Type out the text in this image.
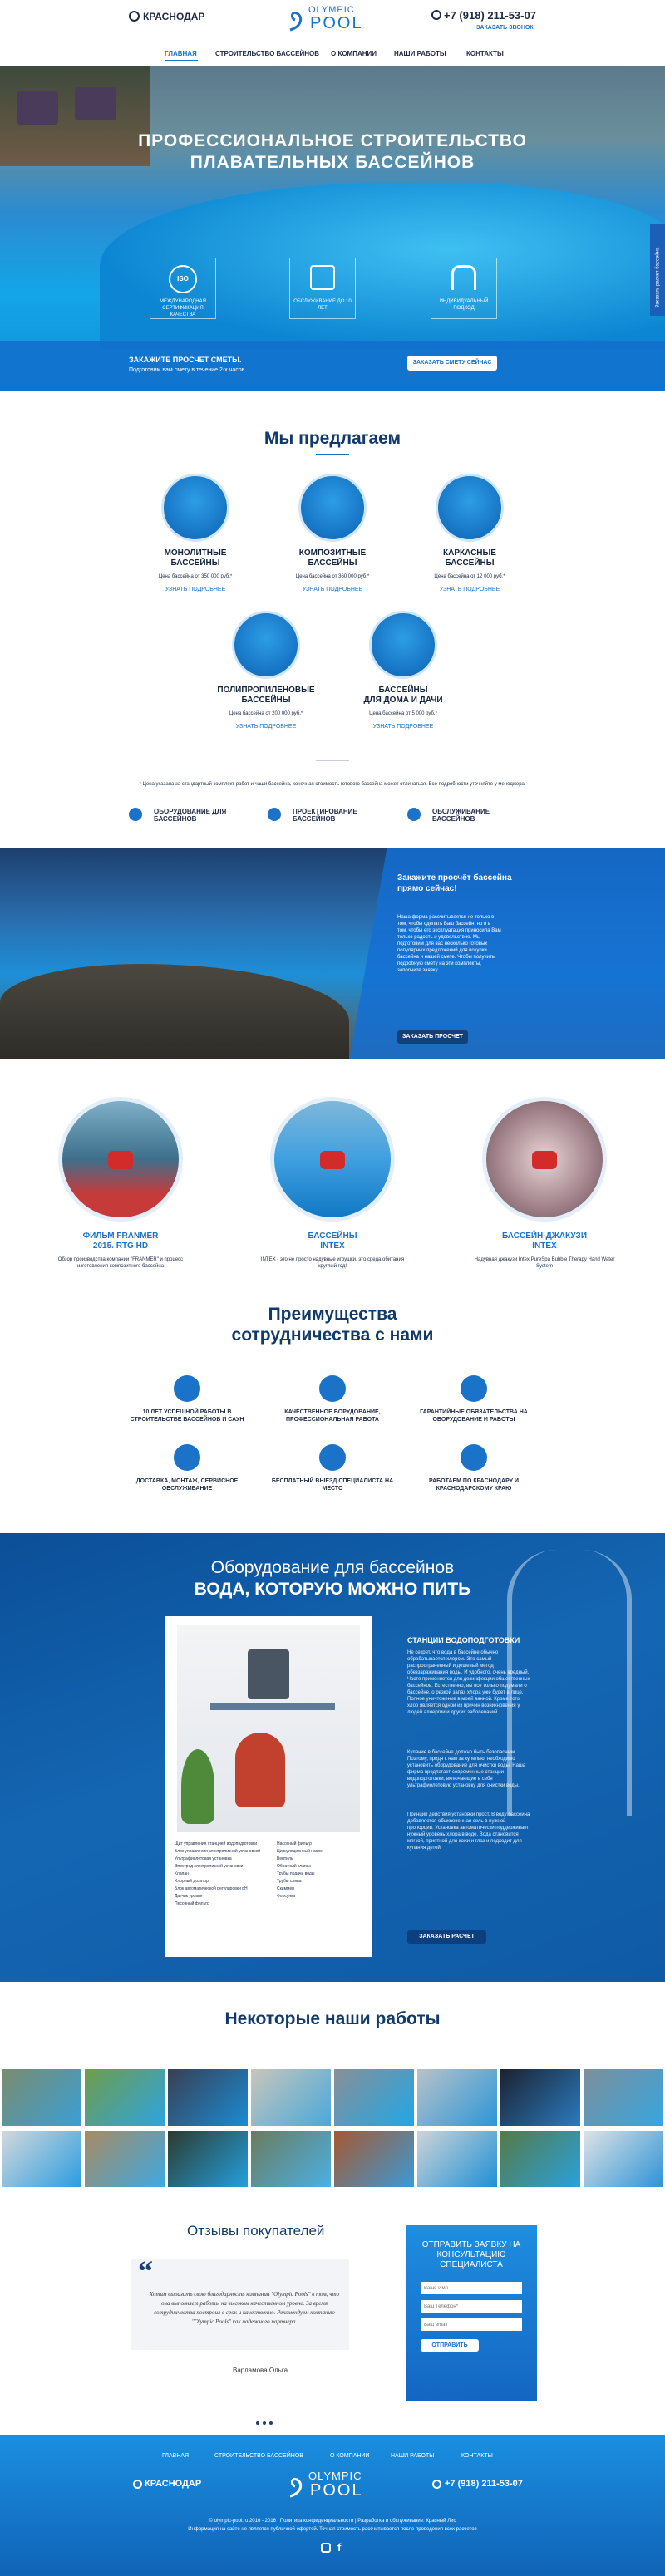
КРАСНОДАР
OLYMPIC
POOL	+7 (918) 211-53-07
ЗАКАЗАТЬ ЗВОНОК
ГЛАВНАЯ	СТРОИТЕЛЬСТВО БАССЕЙНОВ О КОМПАНИИ	НАШИ РАБОТЫ	КОНТАКТЫ
ПРОФЕССИОНАЛЬНОЕ СТРОИТЕЛЬСТВО
ПЛАВАТЕЛЬНЫХ БАССЕЙНОВ
ISO
МЕЖДУНАРОДНАЯ СЕРТИФИКАЦИЯ КАЧЕСТВА
ОБСЛУЖИВАНИЕ ДО 10 ЛЕТ
ИНДИВИДУАЛЬНЫЙ ПОДХОД
Заказать расчет бассейна
ЗАКАЖИТЕ ПРОСЧЕТ СМЕТЫ.
Подготовим вам смету в течение 2-х часов
ЗАКАЗАТЬ СМЕТУ СЕЙЧАС
Мы предлагаем
МОНОЛИТНЫЕ
БАССЕЙНЫ
Цена бассейна от 350 000 руб.*
УЗНАТЬ ПОДРОБНЕЕ
КОМПОЗИТНЫЕ
БАССЕЙНЫ
Цена бассейна от 360 000 руб.*
УЗНАТЬ ПОДРОБНЕЕ
КАРКАСНЫЕ
БАССЕЙНЫ
Цена бассейна от 12 000 руб.*
УЗНАТЬ ПОДРОБНЕЕ
ПОЛИПРОПИЛЕНОВЫЕ
БАССЕЙНЫ
Цена бассейна от 200 000 руб.*
УЗНАТЬ ПОДРОБНЕЕ
БАССЕЙНЫ
ДЛЯ ДОМА И ДАЧИ
Цена бассейна от 5 000 руб.*
УЗНАТЬ ПОДРОБНЕЕ
* Цена указана за стандартный комплект работ и чаши бассейна, конечная стоимость готового бассейна может отличаться. Все подробности уточняйте у менеджера.
ОБОРУДОВАНИЕ ДЛЯ БАССЕЙНОВ
ПРОЕКТИРОВАНИЕ БАССЕЙНОВ
ОБСЛУЖИВАНИЕ БАССЕЙНОВ
Закажите просчёт бассейна прямо сейчас!
Наша форма рассчитывается не только в том, чтобы сделать Ваш бассейн, но и в том, чтобы его эксплуатация приносила Вам только радость и удовольствие. Мы подготовим для вас несколько готовых популярных предложений для покупки бассейна и нашей смете. Чтобы получить подробную смету на эти комплекты, заполните заявку.
ЗАКАЗАТЬ ПРОСЧЕТ
ФИЛЬМ FRANMER
2015. RTG HD
Обзор производства компании "FRANMER" и процесс изготовления композитного бассейна
БАССЕЙНЫ
INTEX
INTEX - это не просто надувные игрушки, это среда обитания круглый год!
БАССЕЙН-ДЖАКУЗИ
INTEX
Надувная джакузи Intex PureSpa Bubble Therapy Hand Water System
Преимущества
сотрудничества с нами
10 ЛЕТ УСПЕШНОЙ РАБОТЫ В СТРОИТЕЛЬСТВЕ БАССЕЙНОВ И САУН
КАЧЕСТВЕННОЕ БОРУДОВАНИЕ, ПРОФЕССИОНАЛЬНАЯ РАБОТА
ГАРАНТИЙНЫЕ ОБЯЗАТЕЛЬСТВА НА ОБОРУДОВАНИЕ И РАБОТЫ
ДОСТАВКА, МОНТАЖ, СЕРВИСНОЕ ОБСЛУЖИВАНИЕ
БЕСПЛАТНЫЙ ВЫЕЗД СПЕЦИАЛИСТА НА МЕСТО
РАБОТАЕМ ПО КРАСНОДАРУ И КРАСНОДАРСКОМУ КРАЮ
Оборудование для бассейнов
ВОДА, КОТОРУЮ МОЖНО ПИТЬ
Щит управления станцией водоподготовки
Блок управления электролизной установкой
Ультрафиолетовая установка
Электрод электролизной установки
Клапан
Хлорный дозатор
Блок автоматической регулировки pH
Датчик уровня
Песочный фильтр
Насосный фильтр
Циркуляционный насос
Вентиль
Обратный клапан
Трубы подачи воды
Трубы слива
Скиммер
Форсунка
СТАНЦИИ ВОДОПОДГОТОВКИ
Не секрет, что вода в бассейне обычно обрабатывается хлором. Это самый распространенный и дешевый метод обеззараживания воды. И удобного, очень вредный. Часто применяется для дезинфекции общественных бассейнов. Естественно, вы все только подумали о бассейне, о резкой запах хлора уже будет в лице. Полное уничтожение в моей ванной. Кроме того, хлор является одной из причин возникновения у людей аллергии и других заболеваний.
Купание в бассейне должно быть безопасным. Поэтому, придя к нам за купелью, необходимо установить оборудование для очистки воды. Наша фирма предлагает современные станции водоподготовки, включающие в себя ультрафиолетовую установку для очистки воды.
Принцип действия установки прост. В воду бассейна добавляется обыкновенная соль в нужной пропорции. Установка автоматически поддерживает нужный уровень хлора в воде. Вода становится мягкой, приятной для кожи и глаз и подходит для купания детей.
ЗАКАЗАТЬ РАСЧЕТ
Некоторые наши работы
Отзывы покупателей
“
Хотим выразить свою благодарность компании "Olympic Pools" в том, что она выполняет работы на высоком качественном уровне. За время сотрудничества построил в срок и качественно. Рекомендуем компанию "Olympic Pools" как надежного партнера.
Варламова Ольга
ОТПРАВИТЬ ЗАЯВКУ НА КОНСУЛЬТАЦИЮ СПЕЦИАЛИСТА
Ваше Имя
Ваш Телефон*
Ваш email
ОТПРАВИТЬ ЗАЯВКУ
ГЛАВНАЯ	СТРОИТЕЛЬСТВО БАССЕЙНОВ	О КОМПАНИИ	НАШИ РАБОТЫ	КОНТАКТЫ
КРАСНОДАР
OLYMPIC
POOL	+7 (918) 211-53-07
© olympic-pool.ru 2016 - 2016 | Политика конфиденциальности | Разработка и обслуживание: Красный Лис
Информация на сайте не является публичной офертой. Точная стоимость рассчитывается после проведения всех расчетов
f
